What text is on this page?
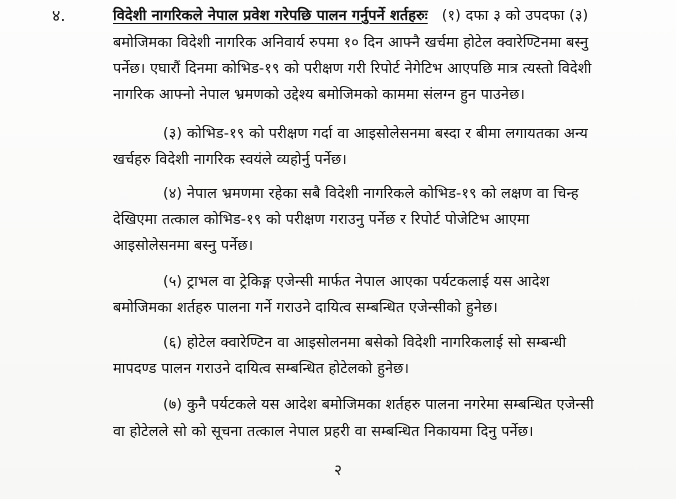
४.	विदेशी नागरिकले नेपाल प्रवेश गरेपछि पालन गर्नुपर्ने शर्तहरुः (१) दफा ३ को उपदफा (३)
बमोजिमका विदेशी नागरिक अनिवार्य रुपमा १० दिन आफ्नै खर्चमा होटेल क्वारेण्टिनमा बस्नु
पर्नेछ। एघारौं दिनमा कोभिड-१९ को परीक्षण गरी रिपोर्ट नेगेटिभ आएपछि मात्र त्यस्तो विदेशी
नागरिक आफ्नो नेपाल भ्रमणको उद्देश्य बमोजिमको काममा संलग्न हुन पाउनेछ।
(३) कोभिड-१९ को परीक्षण गर्दा वा आइसोलेसनमा बस्दा र बीमा लगायतका अन्य
खर्चहरु विदेशी नागरिक स्वयंले व्यहोर्नु पर्नेछ।
(४) नेपाल भ्रमणमा रहेका सबै विदेशी नागरिकले कोभिड-१९ को लक्षण वा चिन्ह
देखिएमा तत्काल कोभिड-१९ को परीक्षण गराउनु पर्नेछ र रिपोर्ट पोजेटिभ आएमा
आइसोलेसनमा बस्नु पर्नेछ।
(५) ट्राभल वा ट्रेकिङ्ग एजेन्सी मार्फत नेपाल आएका पर्यटकलाई यस आदेश
बमोजिमका शर्तहरु पालना गर्ने गराउने दायित्व सम्बन्धित एजेन्सीको हुनेछ।
(६) होटेल क्वारेण्टिन वा आइसोलनमा बसेको विदेशी नागरिकलाई सो सम्बन्धी
मापदण्ड पालन गराउने दायित्व सम्बन्धित होटेलको हुनेछ।
(७) कुनै पर्यटकले यस आदेश बमोजिमका शर्तहरु पालना नगरेमा सम्बन्धित एजेन्सी
वा होटेलले सो को सूचना तत्काल नेपाल प्रहरी वा सम्बन्धित निकायमा दिनु पर्नेछ।
२
